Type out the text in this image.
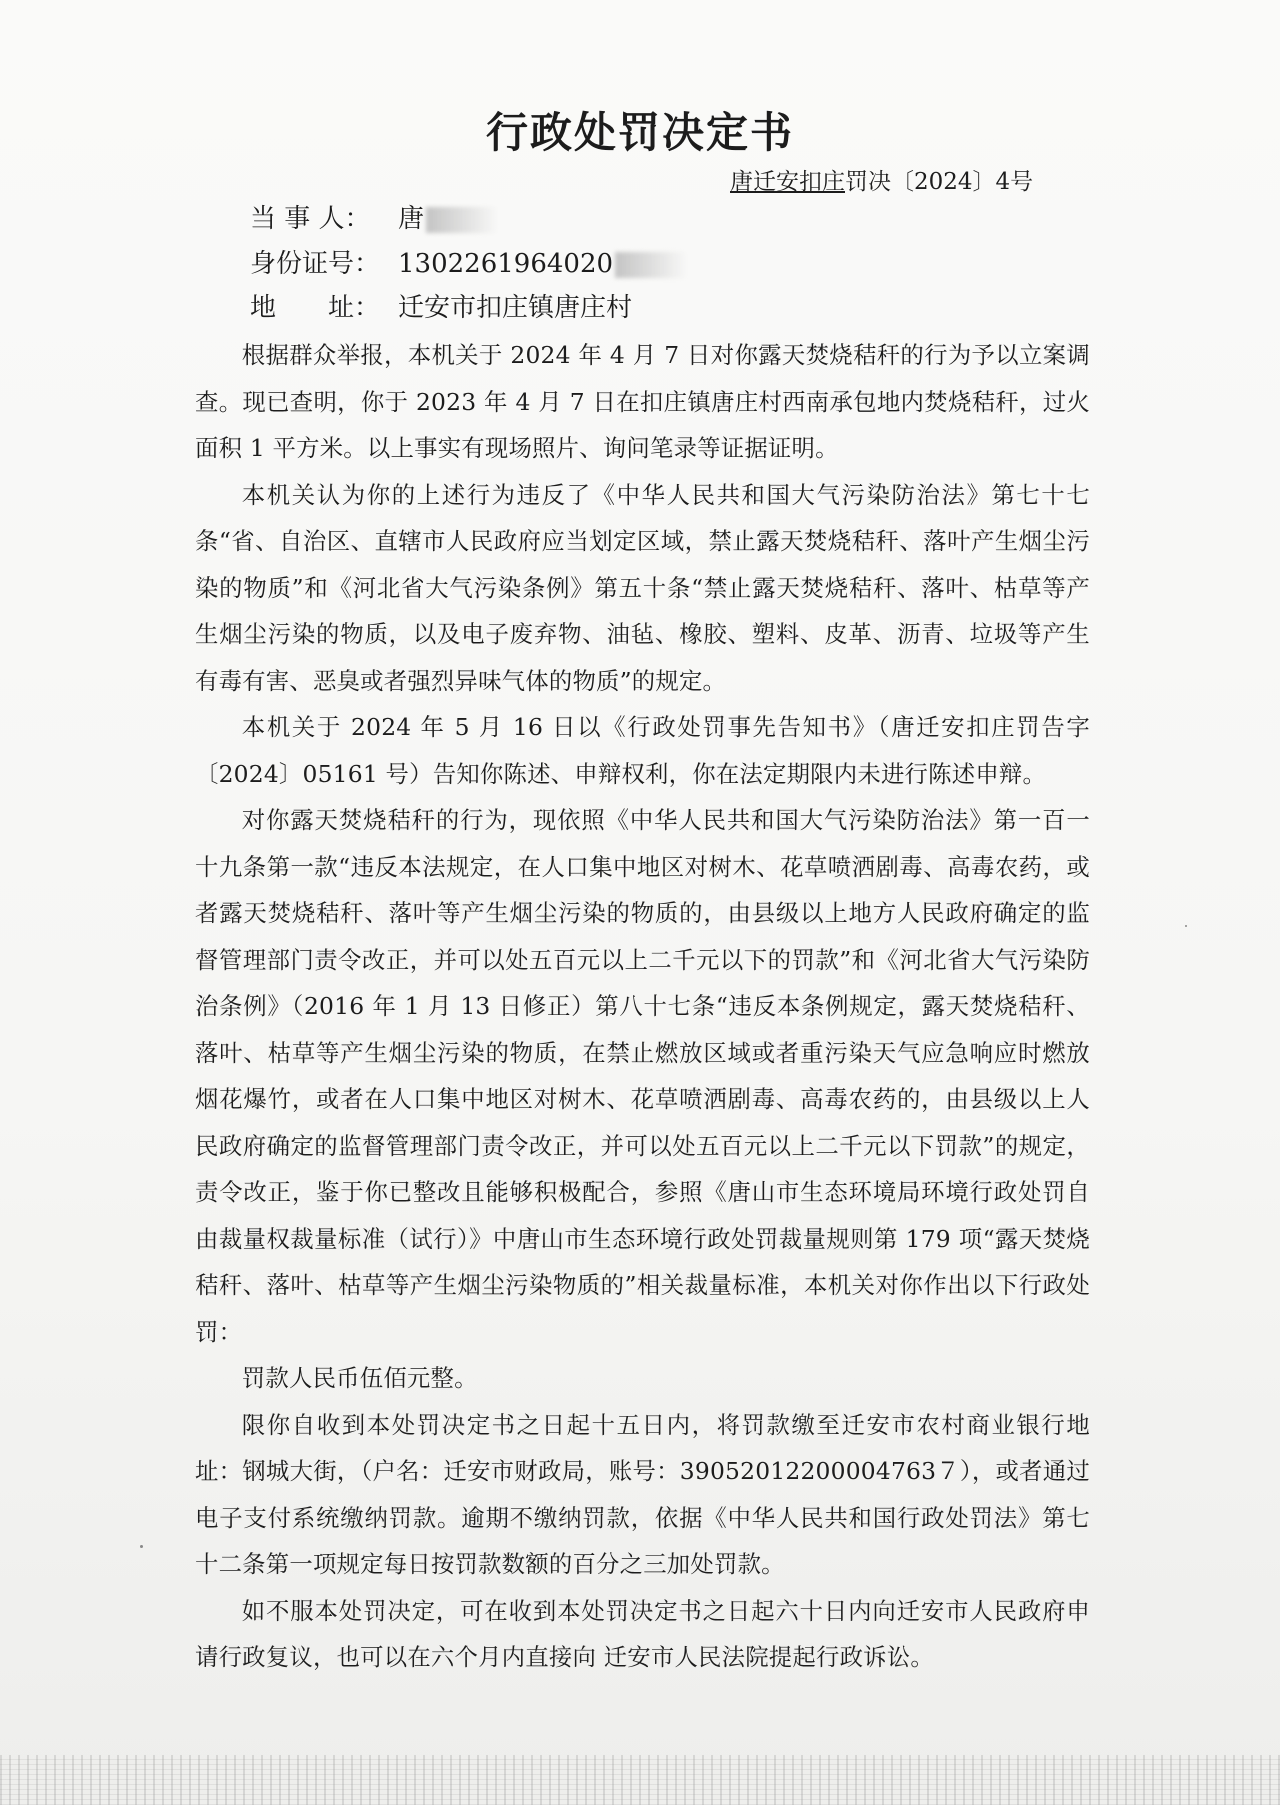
行政处罚决定书
唐迁安扣庄罚决〔2024〕4号
当 事 人： 唐
身份证号： 1302261964020
地　　址： 迁安市扣庄镇唐庄村

根据群众举报，本机关于 2024 年 4 月 7 日对你露天焚烧秸秆的行为予以立案调查。现已查明，你于 2023 年 4 月 7 日在扣庄镇唐庄村西南承包地内焚烧秸秆，过火面积 1 平方米。以上事实有现场照片、询问笔录等证据证明。

本机关认为你的上述行为违反了《中华人民共和国大气污染防治法》第七十七条“省、自治区、直辖市人民政府应当划定区域，禁止露天焚烧秸秆、落叶产生烟尘污染的物质”和《河北省大气污染条例》第五十条“禁止露天焚烧秸秆、落叶、枯草等产生烟尘污染的物质，以及电子废弃物、油毡、橡胶、塑料、皮革、沥青、垃圾等产生有毒有害、恶臭或者强烈异味气体的物质”的规定。

本机关于 2024 年 5 月 16 日以《行政处罚事先告知书》（唐迁安扣庄罚告字〔2024〕05161 号）告知你陈述、申辩权利，你在法定期限内未进行陈述申辩。

对你露天焚烧秸秆的行为，现依照《中华人民共和国大气污染防治法》第一百一十九条第一款“违反本法规定，在人口集中地区对树木、花草喷洒剧毒、高毒农药，或者露天焚烧秸秆、落叶等产生烟尘污染的物质的，由县级以上地方人民政府确定的监督管理部门责令改正，并可以处五百元以上二千元以下的罚款”和《河北省大气污染防治条例》（2016 年 1 月 13 日修正）第八十七条“违反本条例规定，露天焚烧秸秆、落叶、枯草等产生烟尘污染的物质，在禁止燃放区域或者重污染天气应急响应时燃放烟花爆竹，或者在人口集中地区对树木、花草喷洒剧毒、高毒农药的，由县级以上人民政府确定的监督管理部门责令改正，并可以处五百元以上二千元以下罚款”的规定，责令改正，鉴于你已整改且能够积极配合，参照《唐山市生态环境局环境行政处罚自由裁量权裁量标准（试行）》中唐山市生态环境行政处罚裁量规则第 179 项“露天焚烧秸秆、落叶、枯草等产生烟尘污染物质的”相关裁量标准，本机关对你作出以下行政处罚：

罚款人民币伍佰元整。

限你自收到本处罚决定书之日起十五日内，将罚款缴至迁安市农村商业银行地址：钢城大街，（户名：迁安市财政局，账号：39052012200004763７），或者通过电子支付系统缴纳罚款。逾期不缴纳罚款，依据《中华人民共和国行政处罚法》第七十二条第一项规定每日按罚款数额的百分之三加处罚款。

如不服本处罚决定，可在收到本处罚决定书之日起六十日内向迁安市人民政府申请行政复议，也可以在六个月内直接向 迁安市人民法院提起行政诉讼。
